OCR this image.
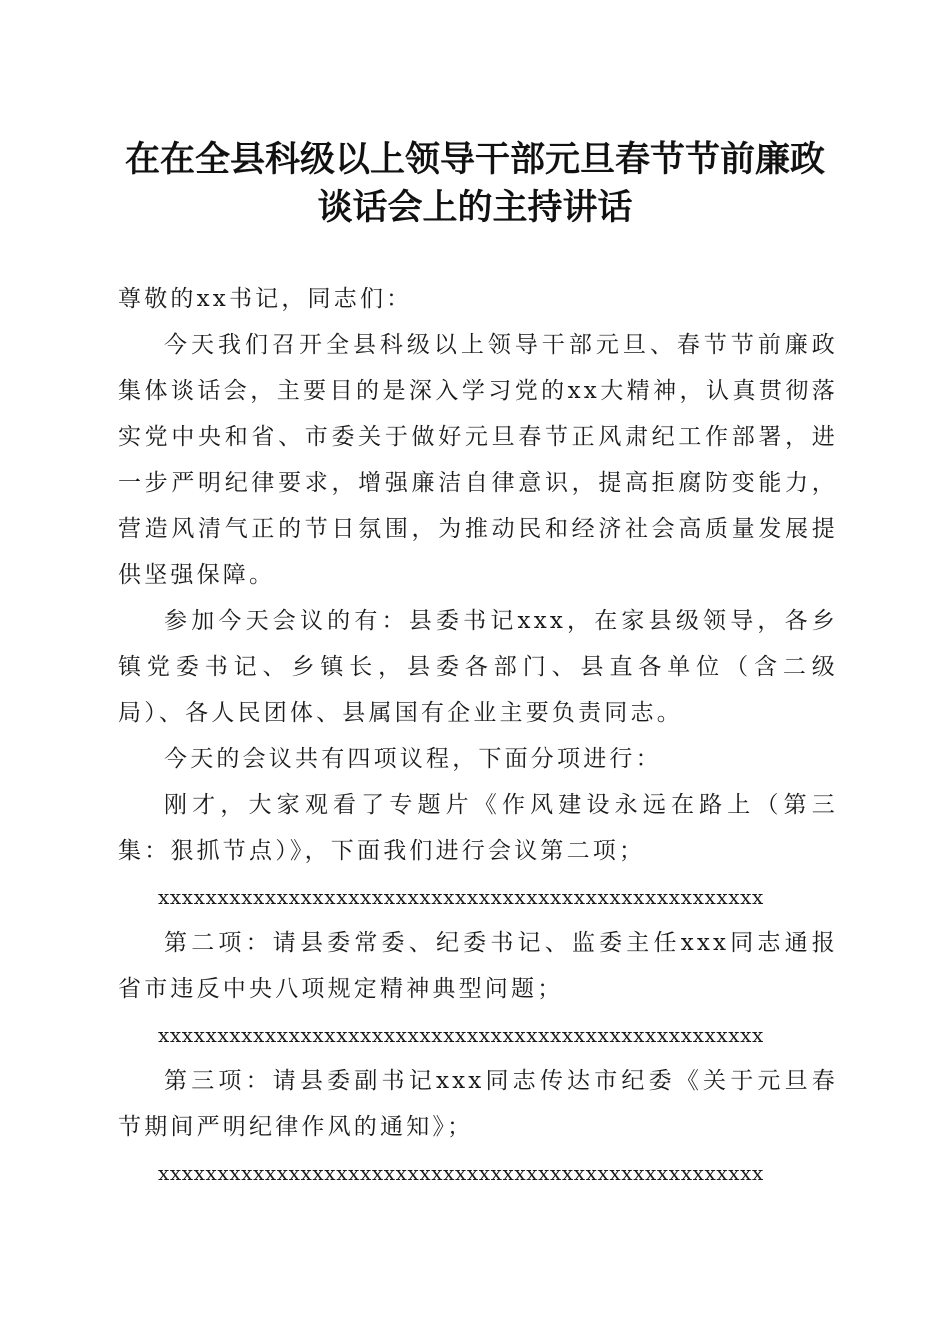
在在全县科级以上领导干部元旦春节节前廉政
谈话会上的主持讲话

尊敬的xx书记，同志们：

今天我们召开全县科级以上领导干部元旦、春节节前廉政集体谈话会，主要目的是深入学习党的xx大精神，认真贯彻落实党中央和省、市委关于做好元旦春节正风肃纪工作部署，进一步严明纪律要求，增强廉洁自律意识，提高拒腐防变能力，营造风清气正的节日氛围，为推动民和经济社会高质量发展提供坚强保障。

参加今天会议的有：县委书记xxx，在家县级领导，各乡镇党委书记、乡镇长，县委各部门、县直各单位（含二级局）、各人民团体、县属国有企业主要负责同志。

今天的会议共有四项议程，下面分项进行：

刚才，大家观看了专题片《作风建设永远在路上（第三集：狠抓节点）》，下面我们进行会议第二项；

xxxxxxxxxxxxxxxxxxxxxxxxxxxxxxxxxxxxxxxxxxxxxxxxxxx

第二项：请县委常委、纪委书记、监委主任xxx同志通报省市违反中央八项规定精神典型问题；

xxxxxxxxxxxxxxxxxxxxxxxxxxxxxxxxxxxxxxxxxxxxxxxxxxx

第三项：请县委副书记xxx同志传达市纪委《关于元旦春节期间严明纪律作风的通知》；

xxxxxxxxxxxxxxxxxxxxxxxxxxxxxxxxxxxxxxxxxxxxxxxxxxx
